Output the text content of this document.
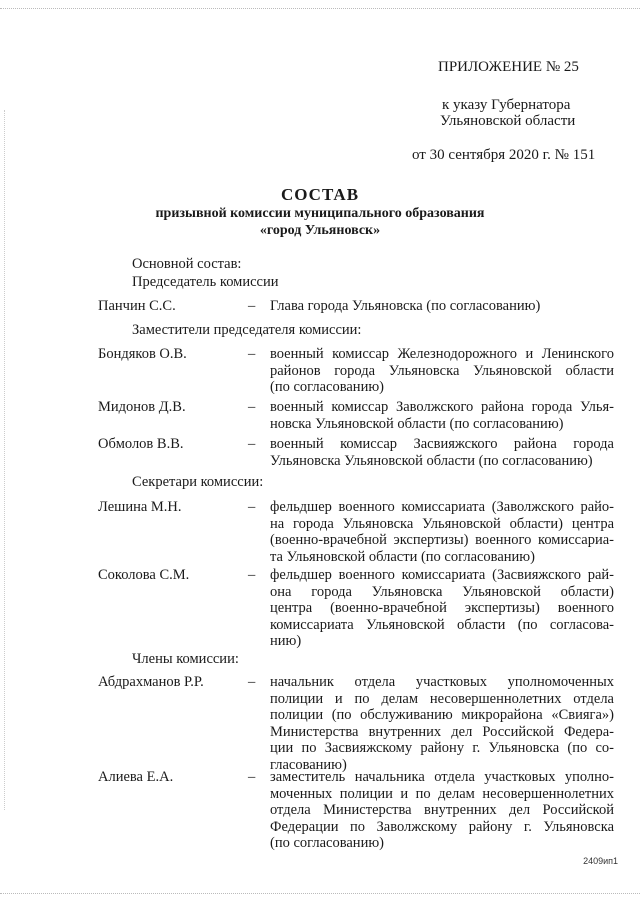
ПРИЛОЖЕНИЕ № 25
к указу Губернатора
Ульяновской области
от 30 сентября 2020 г. № 151
СОСТАВ
призывной комиссии муниципального образования
«город Ульяновск»
Основной состав:
Председатель комиссии
Заместители председателя комиссии:
Секретари комиссии:
Члены комиссии:
Панчин С.С.	– Глава города Ульяновска (по согласованию)
Бондяков О.В.	– военный комиссар Железнодорожного и Ленинского
районов города Ульяновска Ульяновской области
(по согласованию)
Мидонов Д.В.	– военный комиссар Заволжского района города Улья-
новска Ульяновской области (по согласованию)
Обмолов В.В.	– военный комиссар Засвияжского района города
Ульяновска Ульяновской области (по согласованию)
Лешина М.Н.	– фельдшер военного комиссариата (Заволжского райо-
на города Ульяновска Ульяновской области) центра
(военно-врачебной экспертизы) военного комиссариа-
та Ульяновской области (по согласованию)
Соколова С.М.	– фельдшер военного комиссариата (Засвияжского рай-
она города Ульяновска Ульяновской области)
центра (военно-врачебной экспертизы) военного
комиссариата Ульяновской области (по согласова-
нию)
Абдрахманов Р.Р.	– начальник отдела участковых уполномоченных
полиции и по делам несовершеннолетних отдела
полиции (по обслуживанию микрорайона «Свияга»)
Министерства внутренних дел Российской Федера-
ции по Засвияжскому району г. Ульяновска (по со-
гласованию)
Алиева Е.А.	– заместитель начальника отдела участковых уполно-
моченных полиции и по делам несовершеннолетних
отдела Министерства внутренних дел Российской
Федерации по Заволжскому району г. Ульяновска
(по согласованию)
2409ип1
